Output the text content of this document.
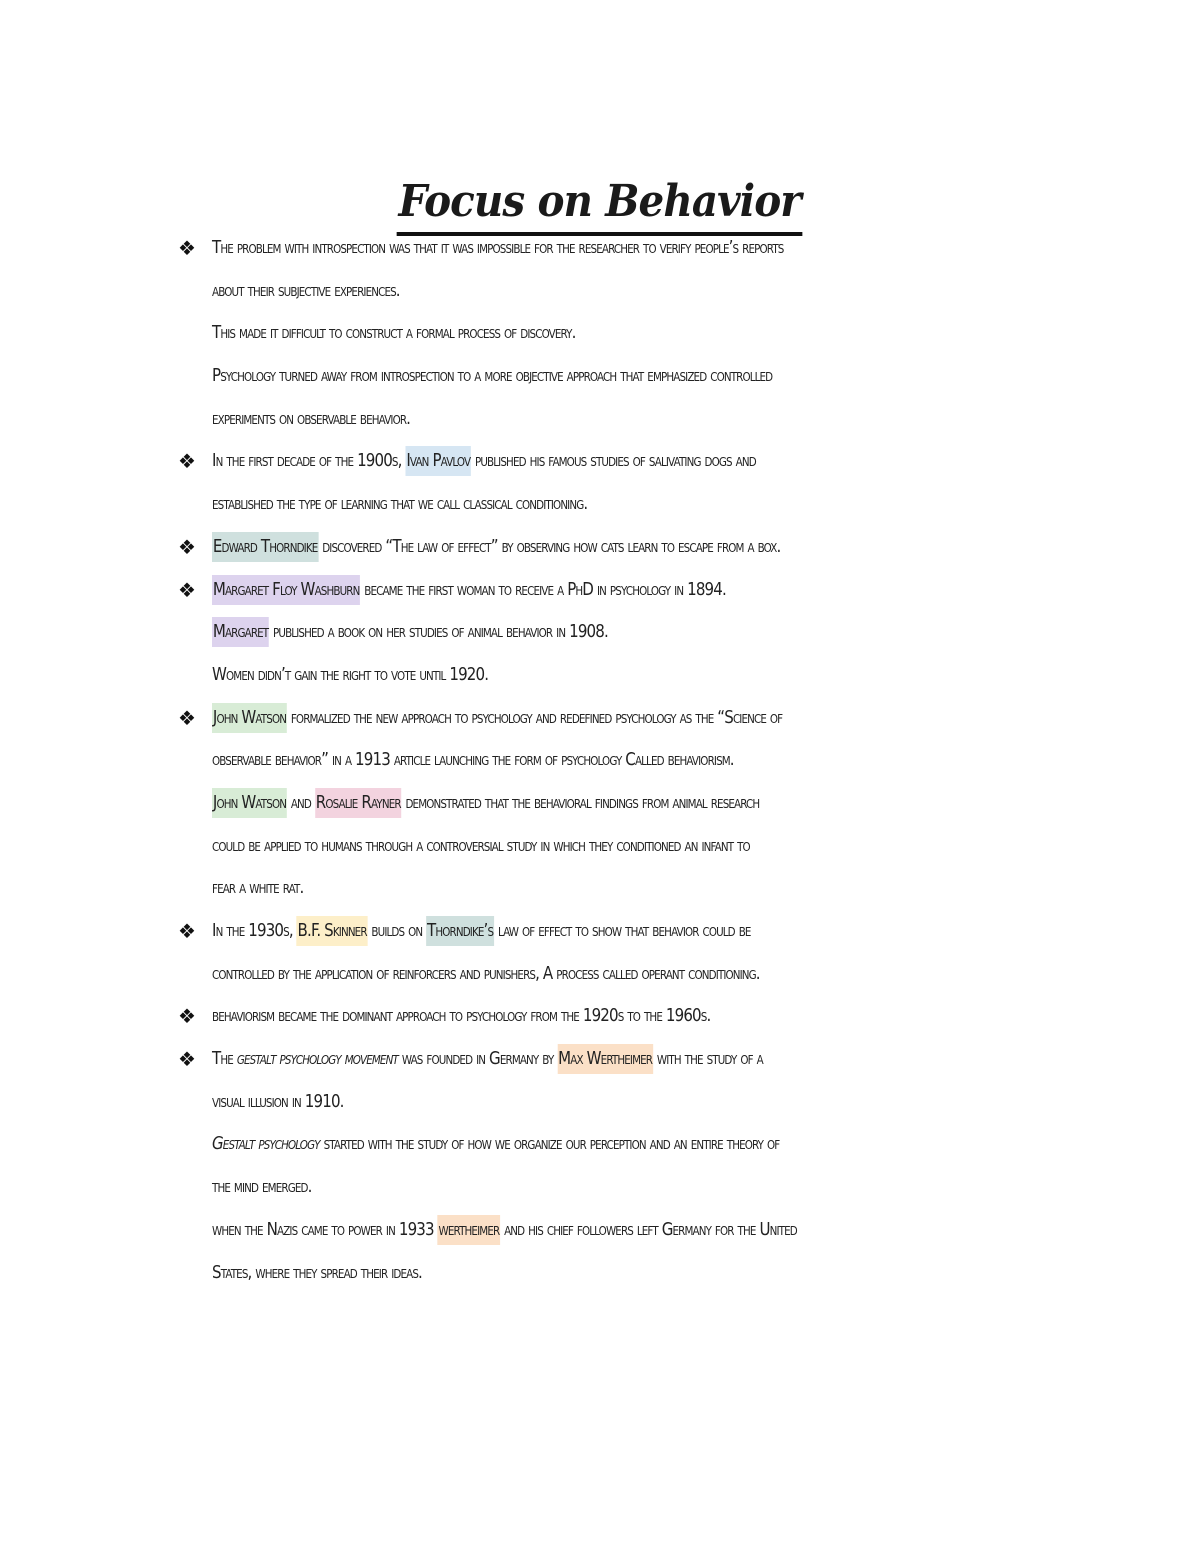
Focus on Behavior
❖ The problem with introspection was that it was impossible for the researcher to verify people’s reports
about their subjective experiences.
This made it difficult to construct a formal process of discovery.
Psychology turned away from introspection to a more objective approach that emphasized controlled
experiments on observable behavior.
❖ In the first decade of the 1900s, Ivan Pavlov published his famous studies of salivating dogs and
established the type of learning that we call classical conditioning.
❖ Edward Thorndike discovered “The law of effect” by observing how cats learn to escape from a box.
❖ Margaret Floy Washburn became the first woman to receive a PhD in psychology in 1894.
Margaret published a book on her studies of animal behavior in 1908.
Women didn’t gain the right to vote until 1920.
❖ John Watson formalized the new approach to psychology and redefined psychology as the “Science of
observable behavior” in a 1913 article launching the form of psychology Called behaviorism.
John Watson and Rosalie Rayner demonstrated that the behavioral findings from animal research
could be applied to humans through a controversial study in which they conditioned an infant to
fear a white rat.
❖ In the 1930s, B.F. Skinner builds on Thorndike’s law of effect to show that behavior could be
controlled by the application of reinforcers and punishers, A process called operant conditioning.
❖ behaviorism became the dominant approach to psychology from the 1920s to the 1960s.
❖ The gestalt psychology movement was founded in Germany by Max Wertheimer with the study of a
visual illusion in 1910.
Gestalt psychology started with the study of how we organize our perception and an entire theory of
the mind emerged.
when the Nazis came to power in 1933 wertheimer and his chief followers left Germany for the United
States, where they spread their ideas.
